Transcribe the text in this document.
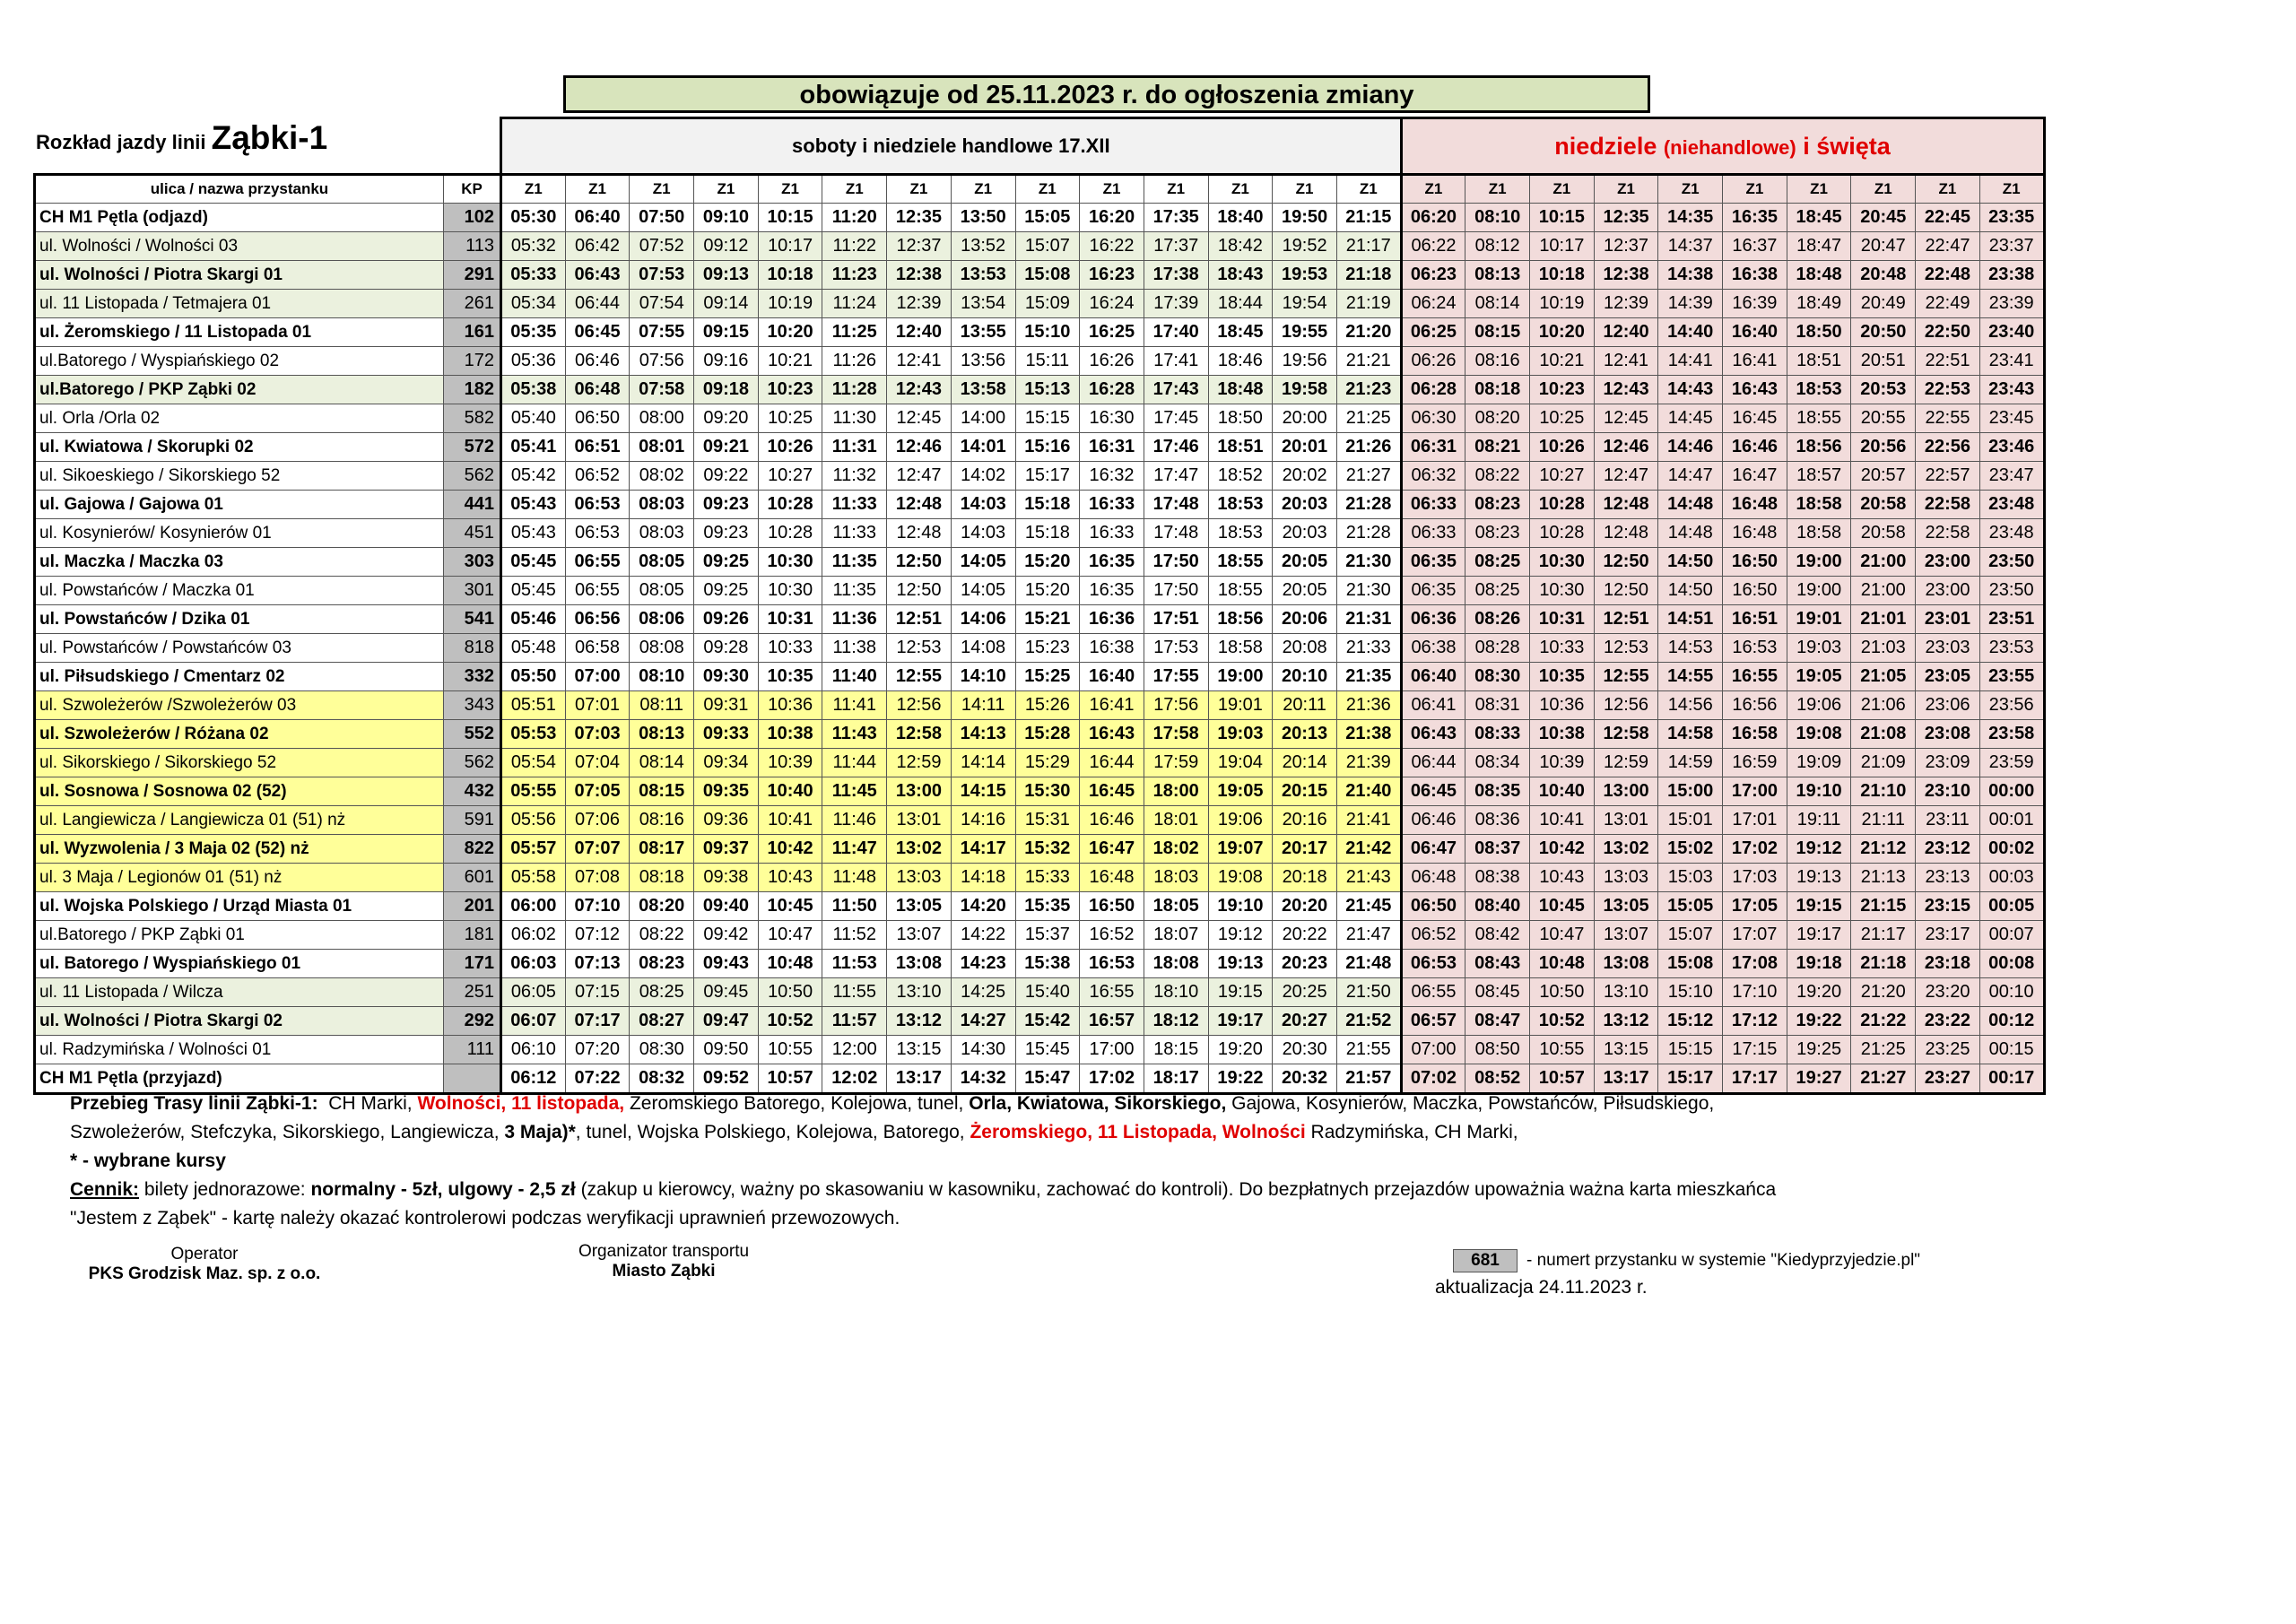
obowiązuje od 25.11.2023 r. do ogłoszenia zmiany
		soboty i niedziele handlowe 17.XII														niedziele (niehandlowe) i święta									
ulica / nazwa przystanku	KP	Z1	Z1	Z1	Z1	Z1	Z1	Z1	Z1	Z1	Z1	Z1	Z1	Z1	Z1	Z1	Z1	Z1	Z1	Z1	Z1	Z1	Z1	Z1	Z1
CH M1 Pętla (odjazd)	102	05:30	06:40	07:50	09:10	10:15	11:20	12:35	13:50	15:05	16:20	17:35	18:40	19:50	21:15	06:20	08:10	10:15	12:35	14:35	16:35	18:45	20:45	22:45	23:35
ul. Wolności / Wolności 03	113	05:32	06:42	07:52	09:12	10:17	11:22	12:37	13:52	15:07	16:22	17:37	18:42	19:52	21:17	06:22	08:12	10:17	12:37	14:37	16:37	18:47	20:47	22:47	23:37
ul. Wolności / Piotra Skargi 01	291	05:33	06:43	07:53	09:13	10:18	11:23	12:38	13:53	15:08	16:23	17:38	18:43	19:53	21:18	06:23	08:13	10:18	12:38	14:38	16:38	18:48	20:48	22:48	23:38
ul. 11 Listopada / Tetmajera 01	261	05:34	06:44	07:54	09:14	10:19	11:24	12:39	13:54	15:09	16:24	17:39	18:44	19:54	21:19	06:24	08:14	10:19	12:39	14:39	16:39	18:49	20:49	22:49	23:39
ul. Żeromskiego / 11 Listopada 01	161	05:35	06:45	07:55	09:15	10:20	11:25	12:40	13:55	15:10	16:25	17:40	18:45	19:55	21:20	06:25	08:15	10:20	12:40	14:40	16:40	18:50	20:50	22:50	23:40
ul.Batorego / Wyspiańskiego 02	172	05:36	06:46	07:56	09:16	10:21	11:26	12:41	13:56	15:11	16:26	17:41	18:46	19:56	21:21	06:26	08:16	10:21	12:41	14:41	16:41	18:51	20:51	22:51	23:41
ul.Batorego / PKP Ząbki 02	182	05:38	06:48	07:58	09:18	10:23	11:28	12:43	13:58	15:13	16:28	17:43	18:48	19:58	21:23	06:28	08:18	10:23	12:43	14:43	16:43	18:53	20:53	22:53	23:43
ul. Orla /Orla 02	582	05:40	06:50	08:00	09:20	10:25	11:30	12:45	14:00	15:15	16:30	17:45	18:50	20:00	21:25	06:30	08:20	10:25	12:45	14:45	16:45	18:55	20:55	22:55	23:45
ul. Kwiatowa / Skorupki 02	572	05:41	06:51	08:01	09:21	10:26	11:31	12:46	14:01	15:16	16:31	17:46	18:51	20:01	21:26	06:31	08:21	10:26	12:46	14:46	16:46	18:56	20:56	22:56	23:46
ul. Sikoeskiego / Sikorskiego 52	562	05:42	06:52	08:02	09:22	10:27	11:32	12:47	14:02	15:17	16:32	17:47	18:52	20:02	21:27	06:32	08:22	10:27	12:47	14:47	16:47	18:57	20:57	22:57	23:47
ul. Gajowa / Gajowa 01	441	05:43	06:53	08:03	09:23	10:28	11:33	12:48	14:03	15:18	16:33	17:48	18:53	20:03	21:28	06:33	08:23	10:28	12:48	14:48	16:48	18:58	20:58	22:58	23:48
ul. Kosynierów/ Kosynierów 01	451	05:43	06:53	08:03	09:23	10:28	11:33	12:48	14:03	15:18	16:33	17:48	18:53	20:03	21:28	06:33	08:23	10:28	12:48	14:48	16:48	18:58	20:58	22:58	23:48
ul. Maczka / Maczka 03	303	05:45	06:55	08:05	09:25	10:30	11:35	12:50	14:05	15:20	16:35	17:50	18:55	20:05	21:30	06:35	08:25	10:30	12:50	14:50	16:50	19:00	21:00	23:00	23:50
ul. Powstańców / Maczka 01	301	05:45	06:55	08:05	09:25	10:30	11:35	12:50	14:05	15:20	16:35	17:50	18:55	20:05	21:30	06:35	08:25	10:30	12:50	14:50	16:50	19:00	21:00	23:00	23:50
ul. Powstańców / Dzika 01	541	05:46	06:56	08:06	09:26	10:31	11:36	12:51	14:06	15:21	16:36	17:51	18:56	20:06	21:31	06:36	08:26	10:31	12:51	14:51	16:51	19:01	21:01	23:01	23:51
ul. Powstańców / Powstańców 03	818	05:48	06:58	08:08	09:28	10:33	11:38	12:53	14:08	15:23	16:38	17:53	18:58	20:08	21:33	06:38	08:28	10:33	12:53	14:53	16:53	19:03	21:03	23:03	23:53
ul. Piłsudskiego / Cmentarz 02	332	05:50	07:00	08:10	09:30	10:35	11:40	12:55	14:10	15:25	16:40	17:55	19:00	20:10	21:35	06:40	08:30	10:35	12:55	14:55	16:55	19:05	21:05	23:05	23:55
ul. Szwoleżerów /Szwoleżerów 03	343	05:51	07:01	08:11	09:31	10:36	11:41	12:56	14:11	15:26	16:41	17:56	19:01	20:11	21:36	06:41	08:31	10:36	12:56	14:56	16:56	19:06	21:06	23:06	23:56
ul. Szwoleżerów / Różana 02	552	05:53	07:03	08:13	09:33	10:38	11:43	12:58	14:13	15:28	16:43	17:58	19:03	20:13	21:38	06:43	08:33	10:38	12:58	14:58	16:58	19:08	21:08	23:08	23:58
ul. Sikorskiego / Sikorskiego 52	562	05:54	07:04	08:14	09:34	10:39	11:44	12:59	14:14	15:29	16:44	17:59	19:04	20:14	21:39	06:44	08:34	10:39	12:59	14:59	16:59	19:09	21:09	23:09	23:59
ul. Sosnowa / Sosnowa 02 (52)	432	05:55	07:05	08:15	09:35	10:40	11:45	13:00	14:15	15:30	16:45	18:00	19:05	20:15	21:40	06:45	08:35	10:40	13:00	15:00	17:00	19:10	21:10	23:10	00:00
ul. Langiewicza / Langiewicza 01 (51) nż	591	05:56	07:06	08:16	09:36	10:41	11:46	13:01	14:16	15:31	16:46	18:01	19:06	20:16	21:41	06:46	08:36	10:41	13:01	15:01	17:01	19:11	21:11	23:11	00:01
ul. Wyzwolenia / 3 Maja 02 (52) nż	822	05:57	07:07	08:17	09:37	10:42	11:47	13:02	14:17	15:32	16:47	18:02	19:07	20:17	21:42	06:47	08:37	10:42	13:02	15:02	17:02	19:12	21:12	23:12	00:02
ul. 3 Maja / Legionów 01 (51) nż	601	05:58	07:08	08:18	09:38	10:43	11:48	13:03	14:18	15:33	16:48	18:03	19:08	20:18	21:43	06:48	08:38	10:43	13:03	15:03	17:03	19:13	21:13	23:13	00:03
ul. Wojska Polskiego / Urząd Miasta 01	201	06:00	07:10	08:20	09:40	10:45	11:50	13:05	14:20	15:35	16:50	18:05	19:10	20:20	21:45	06:50	08:40	10:45	13:05	15:05	17:05	19:15	21:15	23:15	00:05
ul.Batorego / PKP Ząbki 01	181	06:02	07:12	08:22	09:42	10:47	11:52	13:07	14:22	15:37	16:52	18:07	19:12	20:22	21:47	06:52	08:42	10:47	13:07	15:07	17:07	19:17	21:17	23:17	00:07
ul. Batorego / Wyspiańskiego 01	171	06:03	07:13	08:23	09:43	10:48	11:53	13:08	14:23	15:38	16:53	18:08	19:13	20:23	21:48	06:53	08:43	10:48	13:08	15:08	17:08	19:18	21:18	23:18	00:08
ul. 11 Listopada / Wilcza	251	06:05	07:15	08:25	09:45	10:50	11:55	13:10	14:25	15:40	16:55	18:10	19:15	20:25	21:50	06:55	08:45	10:50	13:10	15:10	17:10	19:20	21:20	23:20	00:10
ul. Wolności / Piotra Skargi 02	292	06:07	07:17	08:27	09:47	10:52	11:57	13:12	14:27	15:42	16:57	18:12	19:17	20:27	21:52	06:57	08:47	10:52	13:12	15:12	17:12	19:22	21:22	23:22	00:12
ul. Radzymińska / Wolności 01	111	06:10	07:20	08:30	09:50	10:55	12:00	13:15	14:30	15:45	17:00	18:15	19:20	20:30	21:55	07:00	08:50	10:55	13:15	15:15	17:15	19:25	21:25	23:25	00:15
CH M1 Pętla (przyjazd)		06:12	07:22	08:32	09:52	10:57	12:02	13:17	14:32	15:47	17:02	18:17	19:22	20:32	21:57	07:02	08:52	10:57	13:17	15:17	17:17	19:27	21:27	23:27	00:17
Rozkład jazdy linii Ząbki-1

Przebieg Trasy linii Ząbki-1: CH Marki, Wolności, 11 listopada, Żeromskiego Batorego, Kolejowa, tunel, Orla, Kwiatowa, Sikorskiego, Gajowa, Kosynierów, Maczka, Powstańców, Piłsudskiego,
Szwoleżerów, Stefczyka, Sikorskiego, Langiewicza, 3 Maja)*, tunel, Wojska Polskiego, Kolejowa, Batorego, Żeromskiego, 11 Listopada, Wolności Radzymińska, CH Marki,

* - wybrane kursy

Cennik: bilety jednorazowe: normalny - 5zł, ulgowy - 2,5 zł (zakup u kierowcy, ważny po skasowaniu w kasowniku, zachować do kontroli). Do bezpłatnych przejazdów upoważnia ważna karta mieszkańca
"Jestem z Ząbek" - kartę należy okazać kontrolerowi podczas weryfikacji uprawnień przewozowych.

Operator
PKS Grodzisk Maz. sp. z o.o.
Organizator transportu
Miasto Ząbki
681 - numert przystanku w systemie "Kiedyprzyjedzie.pl"
aktualizacja 24.11.2023 r.
